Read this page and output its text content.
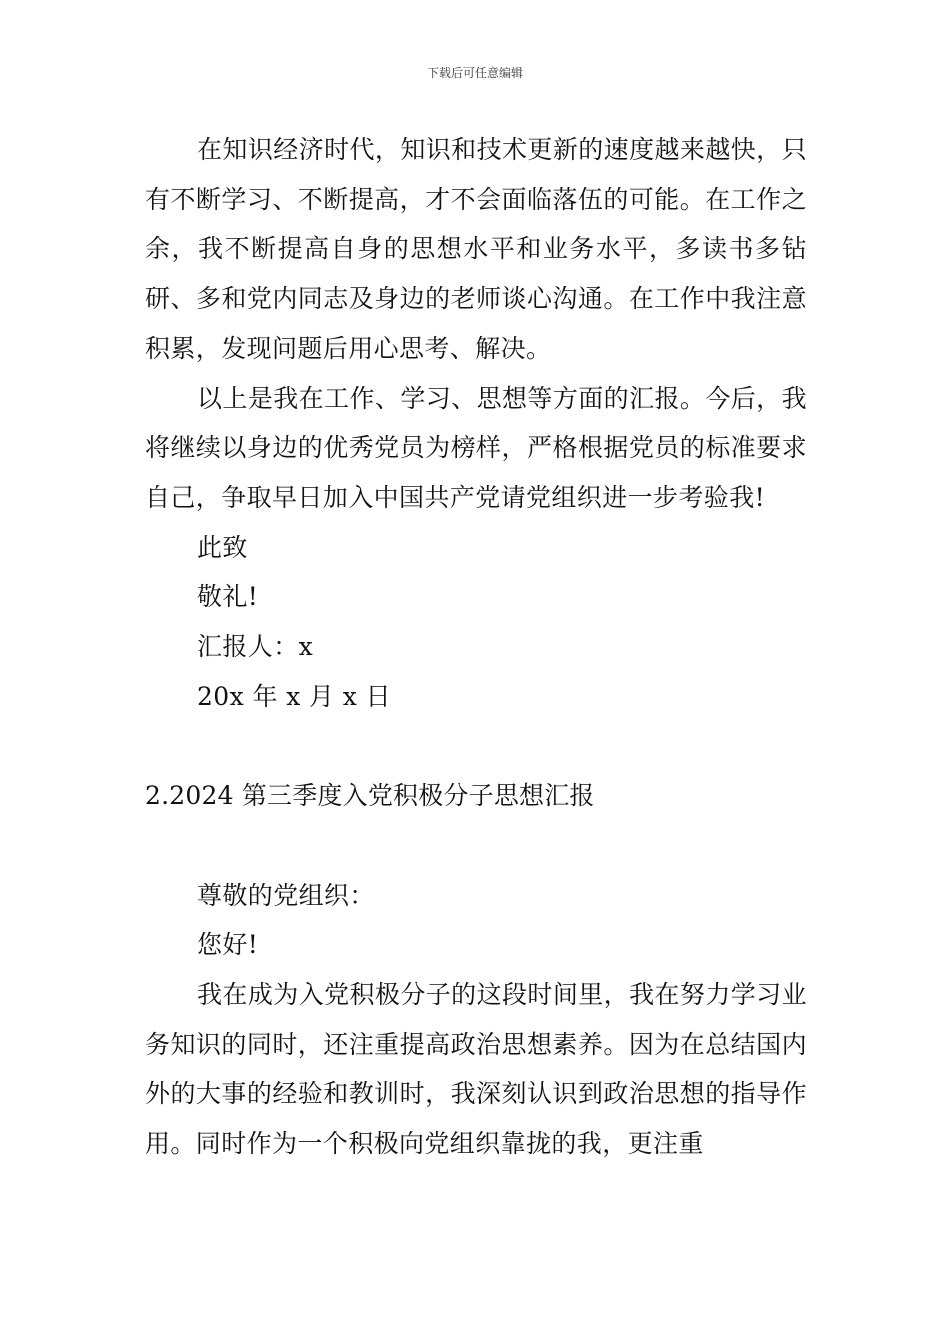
下载后可任意编辑

在知识经济时代，知识和技术更新的速度越来越快，只有不断学习、不断提高，才不会面临落伍的可能。在工作之余，我不断提高自身的思想水平和业务水平，多读书多钻研、多和党内同志及身边的老师谈心沟通。在工作中我注意积累，发现问题后用心思考、解决。

以上是我在工作、学习、思想等方面的汇报。今后，我将继续以身边的优秀党员为榜样，严格根据党员的标准要求自己，争取早日加入中国共产党请党组织进一步考验我!

此致

敬礼!

汇报人：x

20x 年 x 月 x 日

2.2024 第三季度入党积极分子思想汇报

尊敬的党组织：

您好!

我在成为入党积极分子的这段时间里，我在努力学习业务知识的同时，还注重提高政治思想素养。因为在总结国内外的大事的经验和教训时，我深刻认识到政治思想的指导作用。同时作为一个积极向党组织靠拢的我，更注重
